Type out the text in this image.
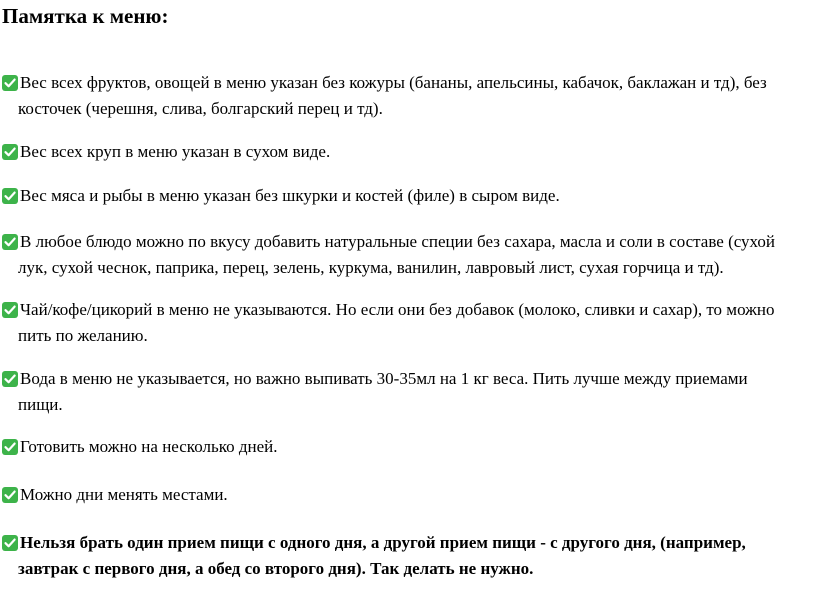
Памятка к меню:
Вес всех фруктов, овощей в меню указан без кожуры (бананы, апельсины, кабачок, баклажан и тд), без
косточек (черешня, слива, болгарский перец и тд).
Вес всех круп в меню указан в сухом виде.
Вес мяса и рыбы в меню указан без шкурки и костей (филе) в сыром виде.
В любое блюдо можно по вкусу добавить натуральные специи без сахара, масла и соли в составе (сухой
лук, сухой чеснок, паприка, перец, зелень, куркума, ванилин, лавровый лист, сухая горчица и тд).
Чай/кофе/цикорий в меню не указываются. Но если они без добавок (молоко, сливки и сахар), то можно
пить по желанию.
Вода в меню не указывается, но важно выпивать 30-35мл на 1 кг веса. Пить лучше между приемами
пищи.
Готовить можно на несколько дней.
Можно дни менять местами.
Нельзя брать один прием пищи с одного дня, а другой прием пищи - с другого дня, (например,
завтрак с первого дня, а обед со второго дня). Так делать не нужно.
